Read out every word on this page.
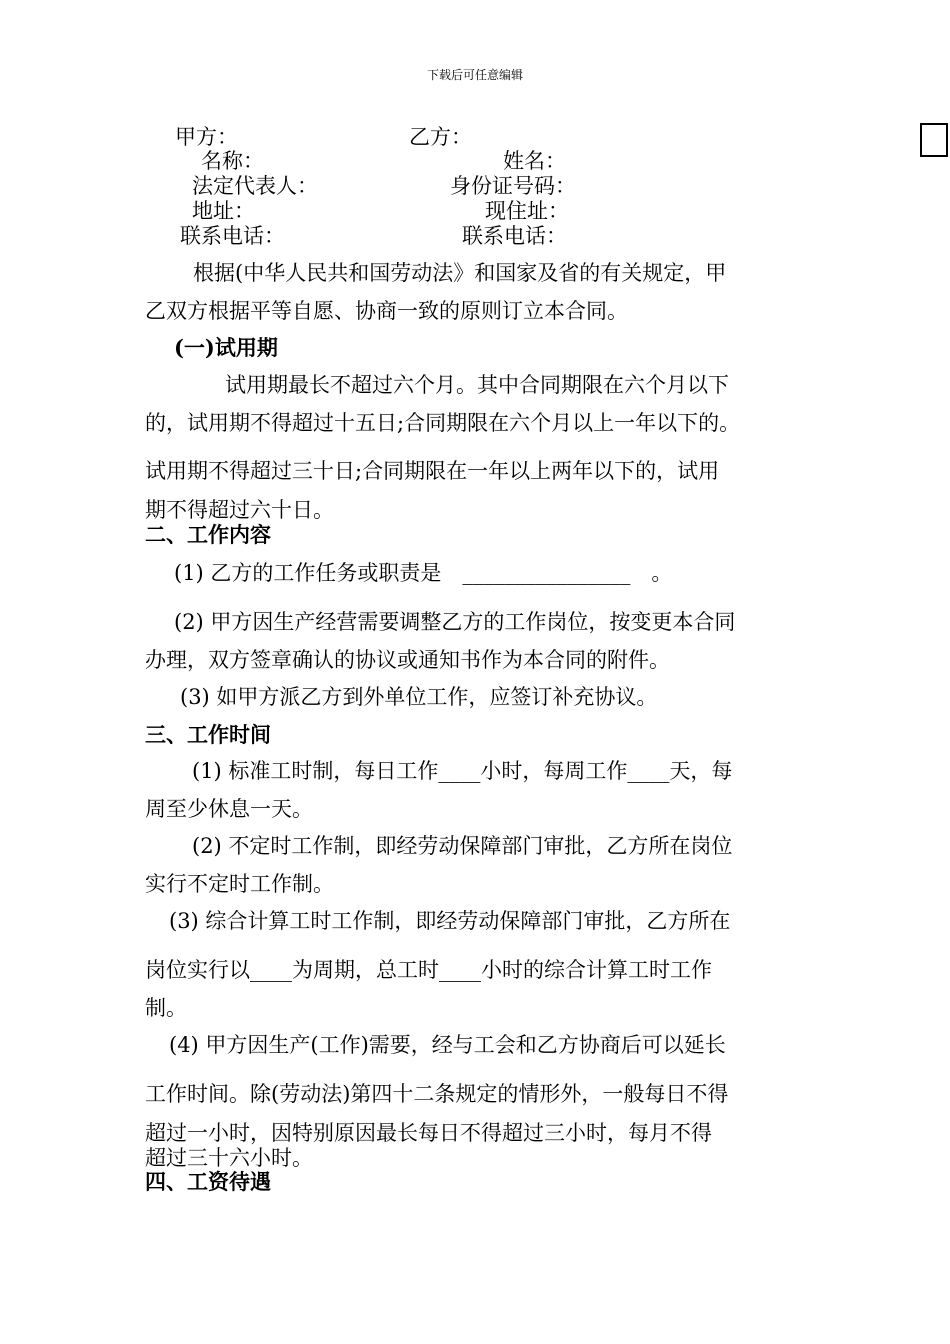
下载后可任意编辑
甲方：	乙方：
名称：	姓名：
法定代表人：	身份证号码：
地址：	现住址：
联系电话：	联系电话：
根据(中华人民共和国劳动法》和国家及省的有关规定，甲
乙双方根据平等自愿、协商一致的原则订立本合同。
(一)试用期
试用期最长不超过六个月。其中合同期限在六个月以下
的，试用期不得超过十五日;合同期限在六个月以上一年以下的。
试用期不得超过三十日;合同期限在一年以上两年以下的，试用
期不得超过六十日。
二、工作内容
(1) 乙方的工作任务或职责是　________________　。
(2) 甲方因生产经营需要调整乙方的工作岗位，按变更本合同
办理，双方签章确认的协议或通知书作为本合同的附件。
(3) 如甲方派乙方到外单位工作，应签订补充协议。
三、工作时间
(1) 标准工时制，每日工作____小时，每周工作____天，每
周至少休息一天。
(2) 不定时工作制，即经劳动保障部门审批，乙方所在岗位
实行不定时工作制。
(3) 综合计算工时工作制，即经劳动保障部门审批，乙方所在
岗位实行以____为周期，总工时____小时的综合计算工时工作
制。
(4) 甲方因生产(工作)需要，经与工会和乙方协商后可以延长
工作时间。除(劳动法)第四十二条规定的情形外，一般每日不得
超过一小时，因特别原因最长每日不得超过三小时，每月不得
超过三十六小时。
四、工资待遇
